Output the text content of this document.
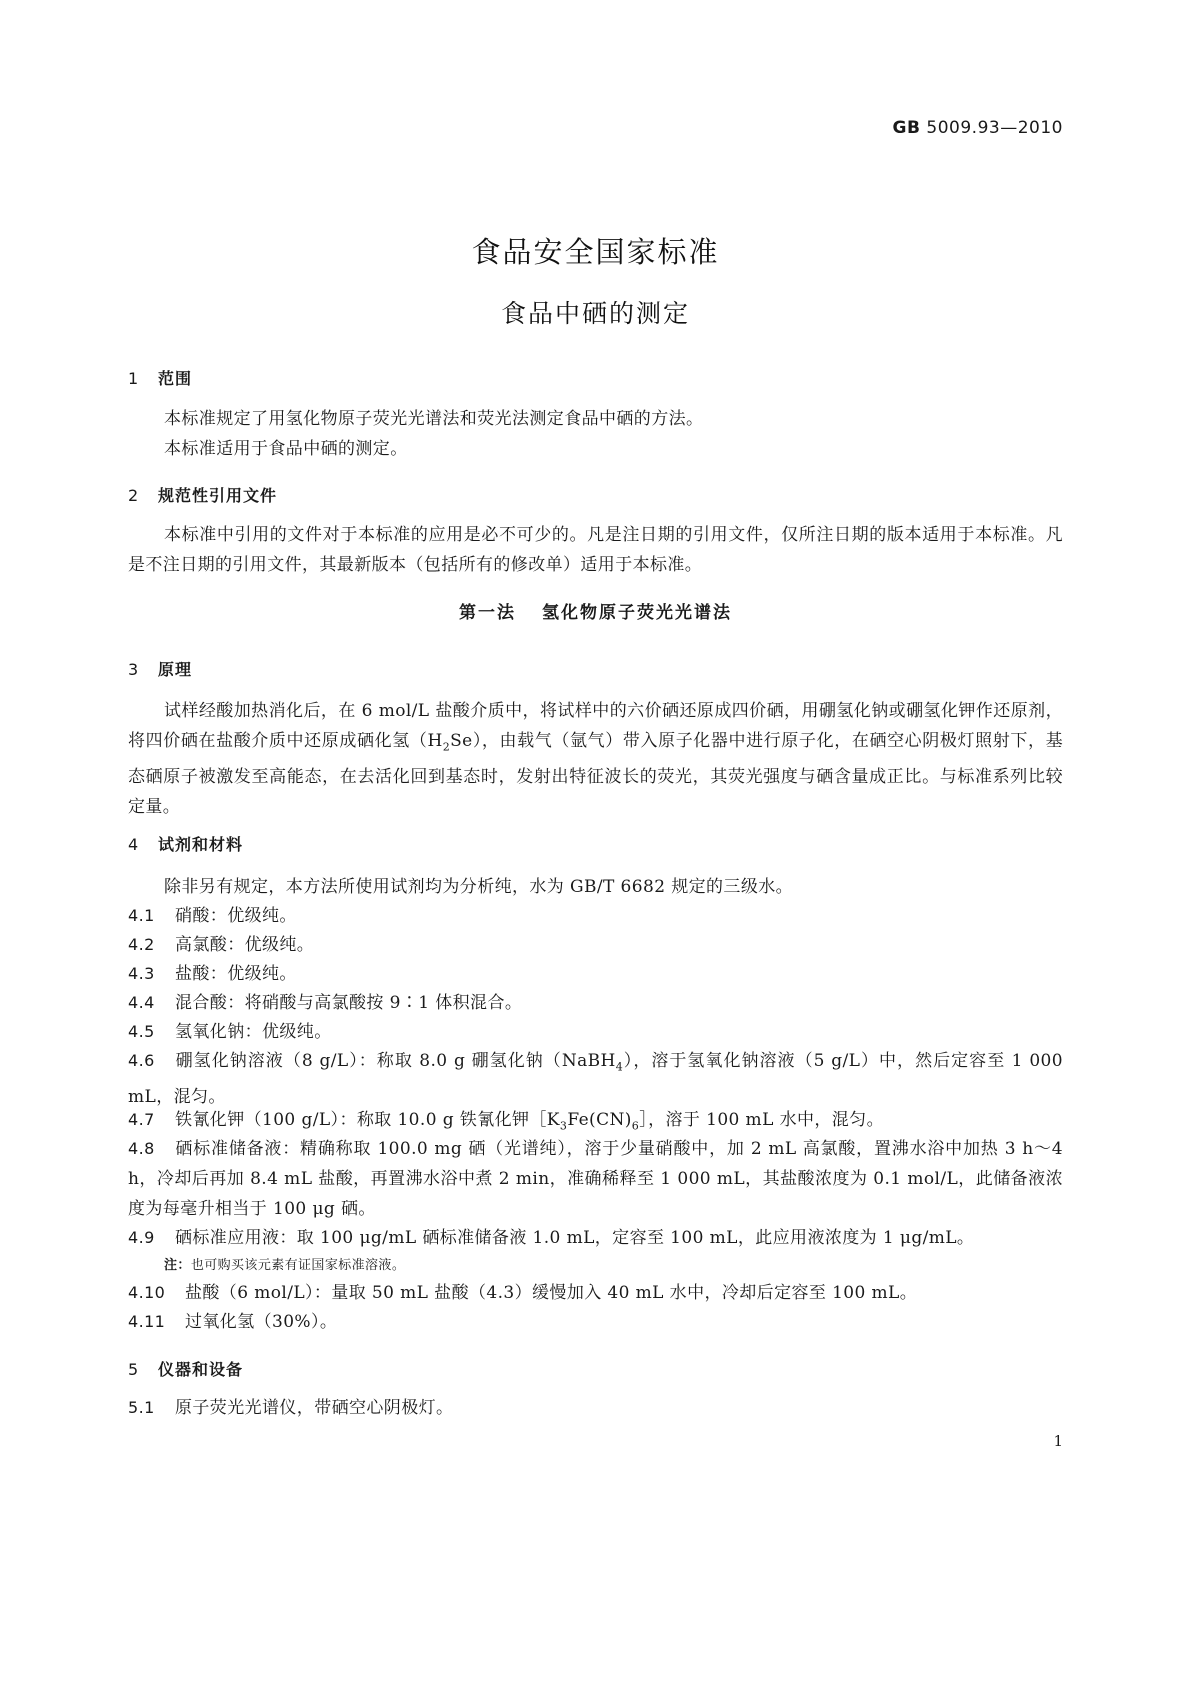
GB 5009.93—2010
食品安全国家标准
食品中硒的测定
1 范围
本标准规定了用氢化物原子荧光光谱法和荧光法测定食品中硒的方法。
本标准适用于食品中硒的测定。
2 规范性引用文件
本标准中引用的文件对于本标准的应用是必不可少的。凡是注日期的引用文件，仅所注日期的版本适用于本标准。凡是不注日期的引用文件，其最新版本（包括所有的修改单）适用于本标准。
第一法 氢化物原子荧光光谱法
3 原理
试样经酸加热消化后，在 6 mol/L 盐酸介质中，将试样中的六价硒还原成四价硒，用硼氢化钠或硼氢化钾作还原剂，将四价硒在盐酸介质中还原成硒化氢$(H_2Se)$，由载气（氩气）带入原子化器中进行原子化，在硒空心阴极灯照射下，基态硒原子被激发至高能态，在去活化回到基态时，发射出特征波长的荧光，其荧光强度与硒含量成正比。与标准系列比较定量。
4 试剂和材料
除非另有规定，本方法所使用试剂均为分析纯，水为 GB/T 6682 规定的三级水。
4.1 硝酸：优级纯。
4.2 高氯酸：优级纯。
4.3 盐酸：优级纯。
4.4 混合酸：将硝酸与高氯酸按 9∶1 体积混合。
4.5 氢氧化钠：优级纯。
4.6 硼氢化钠溶液（8 g/L）：称取 8.0 g 硼氢化钠（NaBH$_4$），溶于氢氧化钠溶液（5 g/L）中，然后定容至 1 000 mL，混匀。
4.7 铁氰化钾（100 g/L）：称取 10.0 g 铁氰化钾$[K_3Fe(CN)_6]$，溶于 100 mL 水中，混匀。
4.8 硒标准储备液：精确称取 100.0 mg 硒（光谱纯），溶于少量硝酸中，加 2 mL 高氯酸，置沸水浴中加热 3 h～4 h，冷却后再加 8.4 mL 盐酸，再置沸水浴中煮 2 min，准确稀释至 1 000 mL，其盐酸浓度为 0.1 mol/L，此储备液浓度为每毫升相当于 100 μg 硒。
4.9 硒标准应用液：取 100 μg/mL 硒标准储备液 1.0 mL，定容至 100 mL，此应用液浓度为 1 μg/mL。
注：也可购买该元素有证国家标准溶液。
4.10 盐酸（6 mol/L）：量取 50 mL 盐酸（4.3）缓慢加入 40 mL 水中，冷却后定容至 100 mL。
4.11 过氧化氢（30%）。
5 仪器和设备
5.1 原子荧光光谱仪，带硒空心阴极灯。
1
